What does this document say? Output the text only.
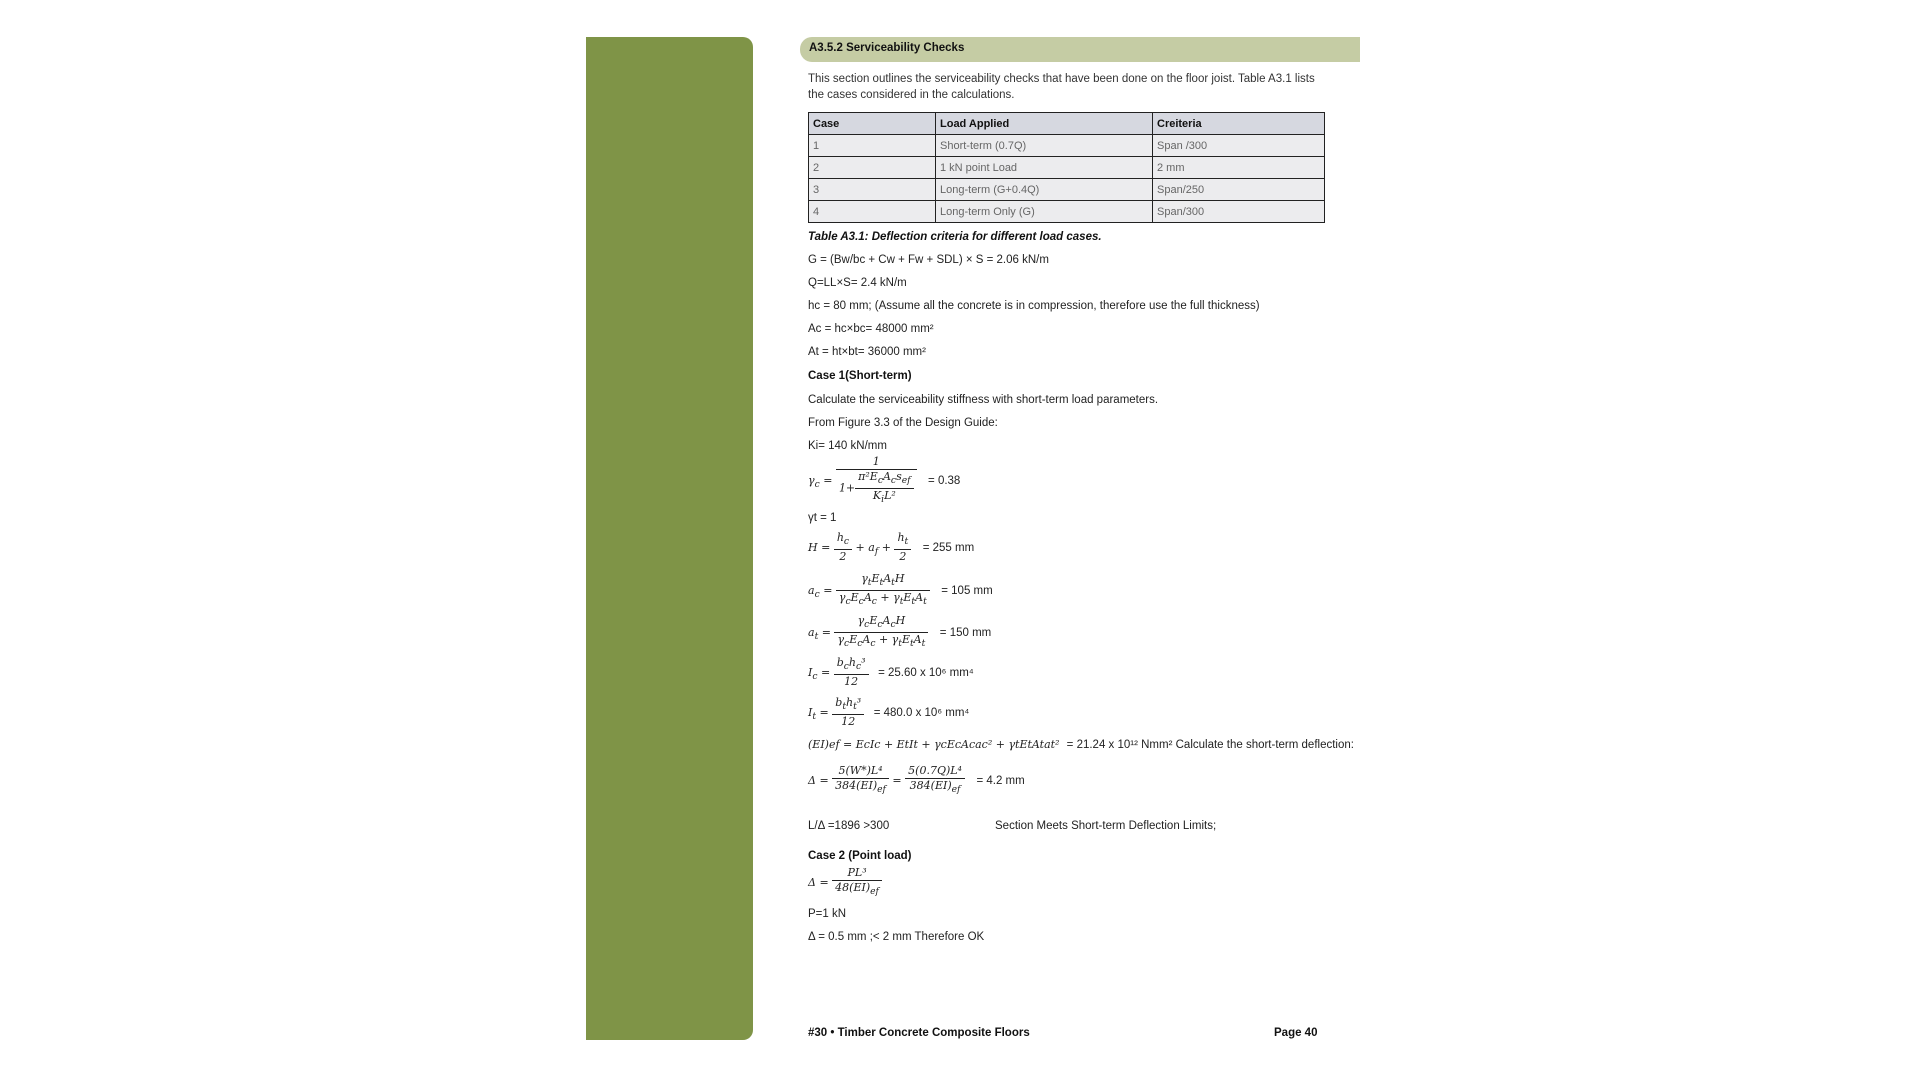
A3.5.2 Serviceability Checks
This section outlines the serviceability checks that have been done on the floor joist. Table A3.1 lists the cases considered in the calculations.
Case	Load Applied	Creiteria
1	Short-term (0.7Q)	Span /300
2	1 kN point Load	2 mm
3	Long-term (G+0.4Q)	Span/250
4	Long-term Only (G)	Span/300
Table A3.1: Deflection criteria for different load cases.
G = (Bw/bc + Cw + Fw + SDL) × S = 2.06 kN/m
Q=LL×S= 2.4 kN/m
hc = 80 mm; (Assume all the concrete is in compression, therefore use the full thickness)
Ac = hc×bc= 48000 mm²
At = ht×bt= 36000 mm²
Case 1(Short-term)
Calculate the serviceability stiffness with short-term load parameters.
From Figure 3.3 of the Design Guide:
Ki= 140 kN/mm
$\gamma_c = \frac{1}{1+ \frac{\pi^2E_cA_cs_{ef}}{K_iL^2}} = 0.38$
γt = 1
$H = \frac{h_c}{2} + a_f + \frac{h_t}{2} = 255$ mm
$a_c = \frac{\gamma_tE_tA_tH}{\gamma_cE_cA_c + \gamma_tE_tA_t} = 105$ mm
$a_t = \frac{\gamma_cE_cA_cH}{\gamma_cE_cA_c + \gamma_tE_tA_t} = 150$ mm
$I_c = \frac{b_ch_c^3}{12} = 25.60$ x 10⁶ mm⁴
$I_t = \frac{b_th_t^3}{12} = 480.0$ x 10⁶ mm⁴
(EI)ef = EcIc + EtIt + γcEcAcac² + γtEtAtat² = 21.24 x 10¹² Nmm² Calculate the short-term deflection:
$\Delta = \frac{\text{5(W*)L⁴}}{384(EI)_{ef}} = \frac{\text{5(0.7Q)L⁴}}{384(EI)_{ef}} = 4.2$ mm
L/Δ =1896 >300	Section Meets Short-term Deflection Limits;
Case 2 (Point load)
$\Delta = \frac{\text{PL³}}{48(EI)_{ef}}$
P=1 kN
Δ = 0.5 mm ;< 2 mm Therefore OK
#30 • Timber Concrete Composite Floors	Page 40
